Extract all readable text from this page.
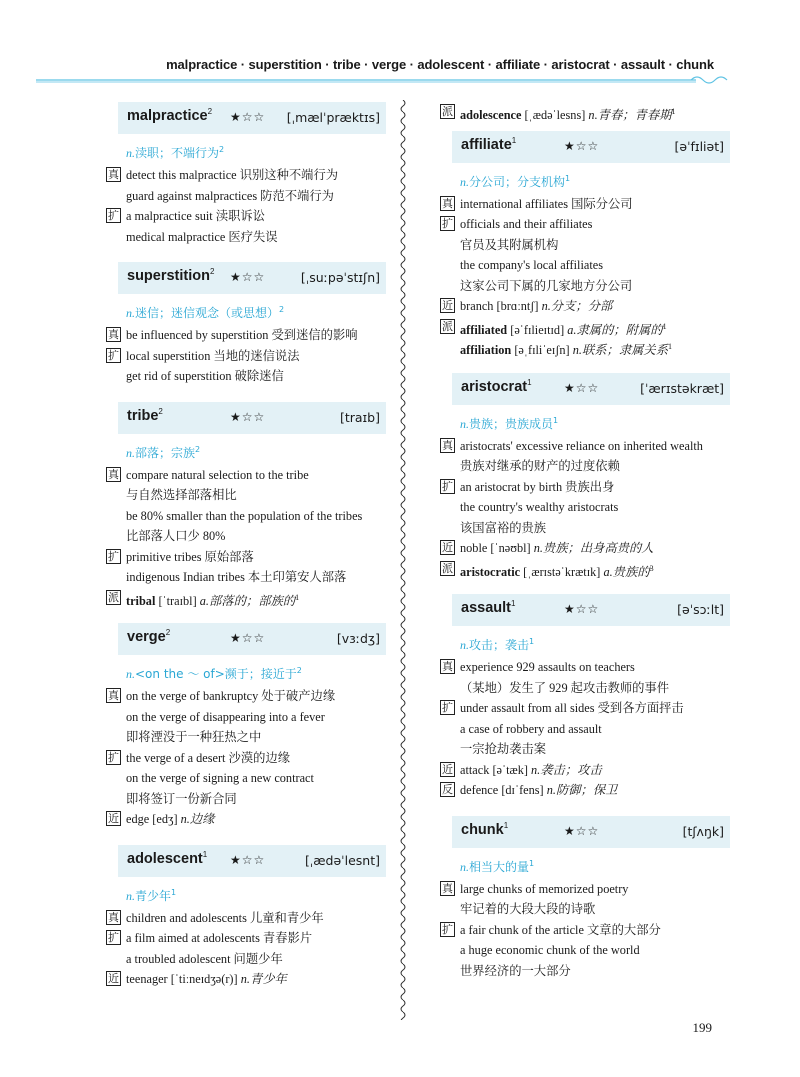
malpractice · superstition · tribe · verge · adolescent · affiliate · aristocrat · assault · chunk
malpractice$^2$ ★☆☆ [ˌmælˈpræktɪs]
n.渎职；不端行为$^2$
真 detect this malpractice 识别这种不端行为
guard against malpractices 防范不端行为
扩 a malpractice suit 渎职诉讼
medical malpractice 医疗失误
superstition$^2$ ★☆☆	[ˌsuːpəˈstɪʃn]
n.迷信；迷信观念（或思想）$^2$
真 be influenced by superstition 受到迷信的影响
扩 local superstition 当地的迷信说法
get rid of superstition 破除迷信
tribe$^2$	★☆☆	[traɪb]
n.部落；宗族$^2$
真 compare natural selection to the tribe
与自然选择部落相比
be 80% smaller than the population of the tribes
比部落人口少 80%
扩 primitive tribes 原始部落
indigenous Indian tribes 本土印第安人部落
派 tribal [ˈtraɪbl] a.部落的；部族的$^1$
verge$^2$	★☆☆	[vɜːdʒ]
n.<on the ～ of>濒于；接近于$^2$
真 on the verge of bankruptcy 处于破产边缘
on the verge of disappearing into a fever
即将湮没于一种狂热之中
扩 the verge of a desert 沙漠的边缘
on the verge of signing a new contract
即将签订一份新合同
近 edge [edʒ] n.边缘
adolescent$^1$ ★☆☆	[ˌædəˈlesnt]
n.青少年$^1$
真 children and adolescents 儿童和青少年
扩 a film aimed at adolescents 青春影片
a troubled adolescent 问题少年
近 teenager [ˈtiːneɪdʒə(r)] n.青少年
派 adolescence [ˌædəˈlesns] n.青春；青春期$^1$
affiliate$^1$	★☆☆	[əˈfɪliət]
n.分公司；分支机构$^1$
真 international affiliates 国际分公司
扩 officials and their affiliates
官员及其附属机构
the company's local affiliates
这家公司下属的几家地方分公司
近 branch [brɑːntʃ] n.分支；分部
派 affiliated [əˈfɪlieɪtɪd] a.隶属的；附属的$^1$
affiliation [əˌfɪliˈeɪʃn] n.联系；隶属关系$^1$
aristocrat$^1$	★☆☆	[ˈærɪstəkræt]
n.贵族；贵族成员$^1$
真 aristocrats' excessive reliance on inherited wealth
贵族对继承的财产的过度依赖
扩 an aristocrat by birth 贵族出身
the country's wealthy aristocrats
该国富裕的贵族
近 noble [ˈnəʊbl] n.贵族；出身高贵的人
派 aristocratic [ˌærɪstəˈkrætɪk] a.贵族的$^3$
assault$^1$	★☆☆	[əˈsɔːlt]
n.攻击；袭击$^1$
真 experience 929 assaults on teachers
（某地）发生了 929 起攻击教师的事件
扩 under assault from all sides 受到各方面抨击
a case of robbery and assault
一宗抢劫袭击案
近 attack [əˈtæk] n.袭击；攻击
反 defence [dɪˈfens] n.防御；保卫
chunk$^1$	★☆☆	[tʃʌŋk]
n.相当大的量$^1$
真 large chunks of memorized poetry
牢记着的大段大段的诗歌
扩 a fair chunk of the article 文章的大部分
a huge economic chunk of the world
世界经济的一大部分
199
